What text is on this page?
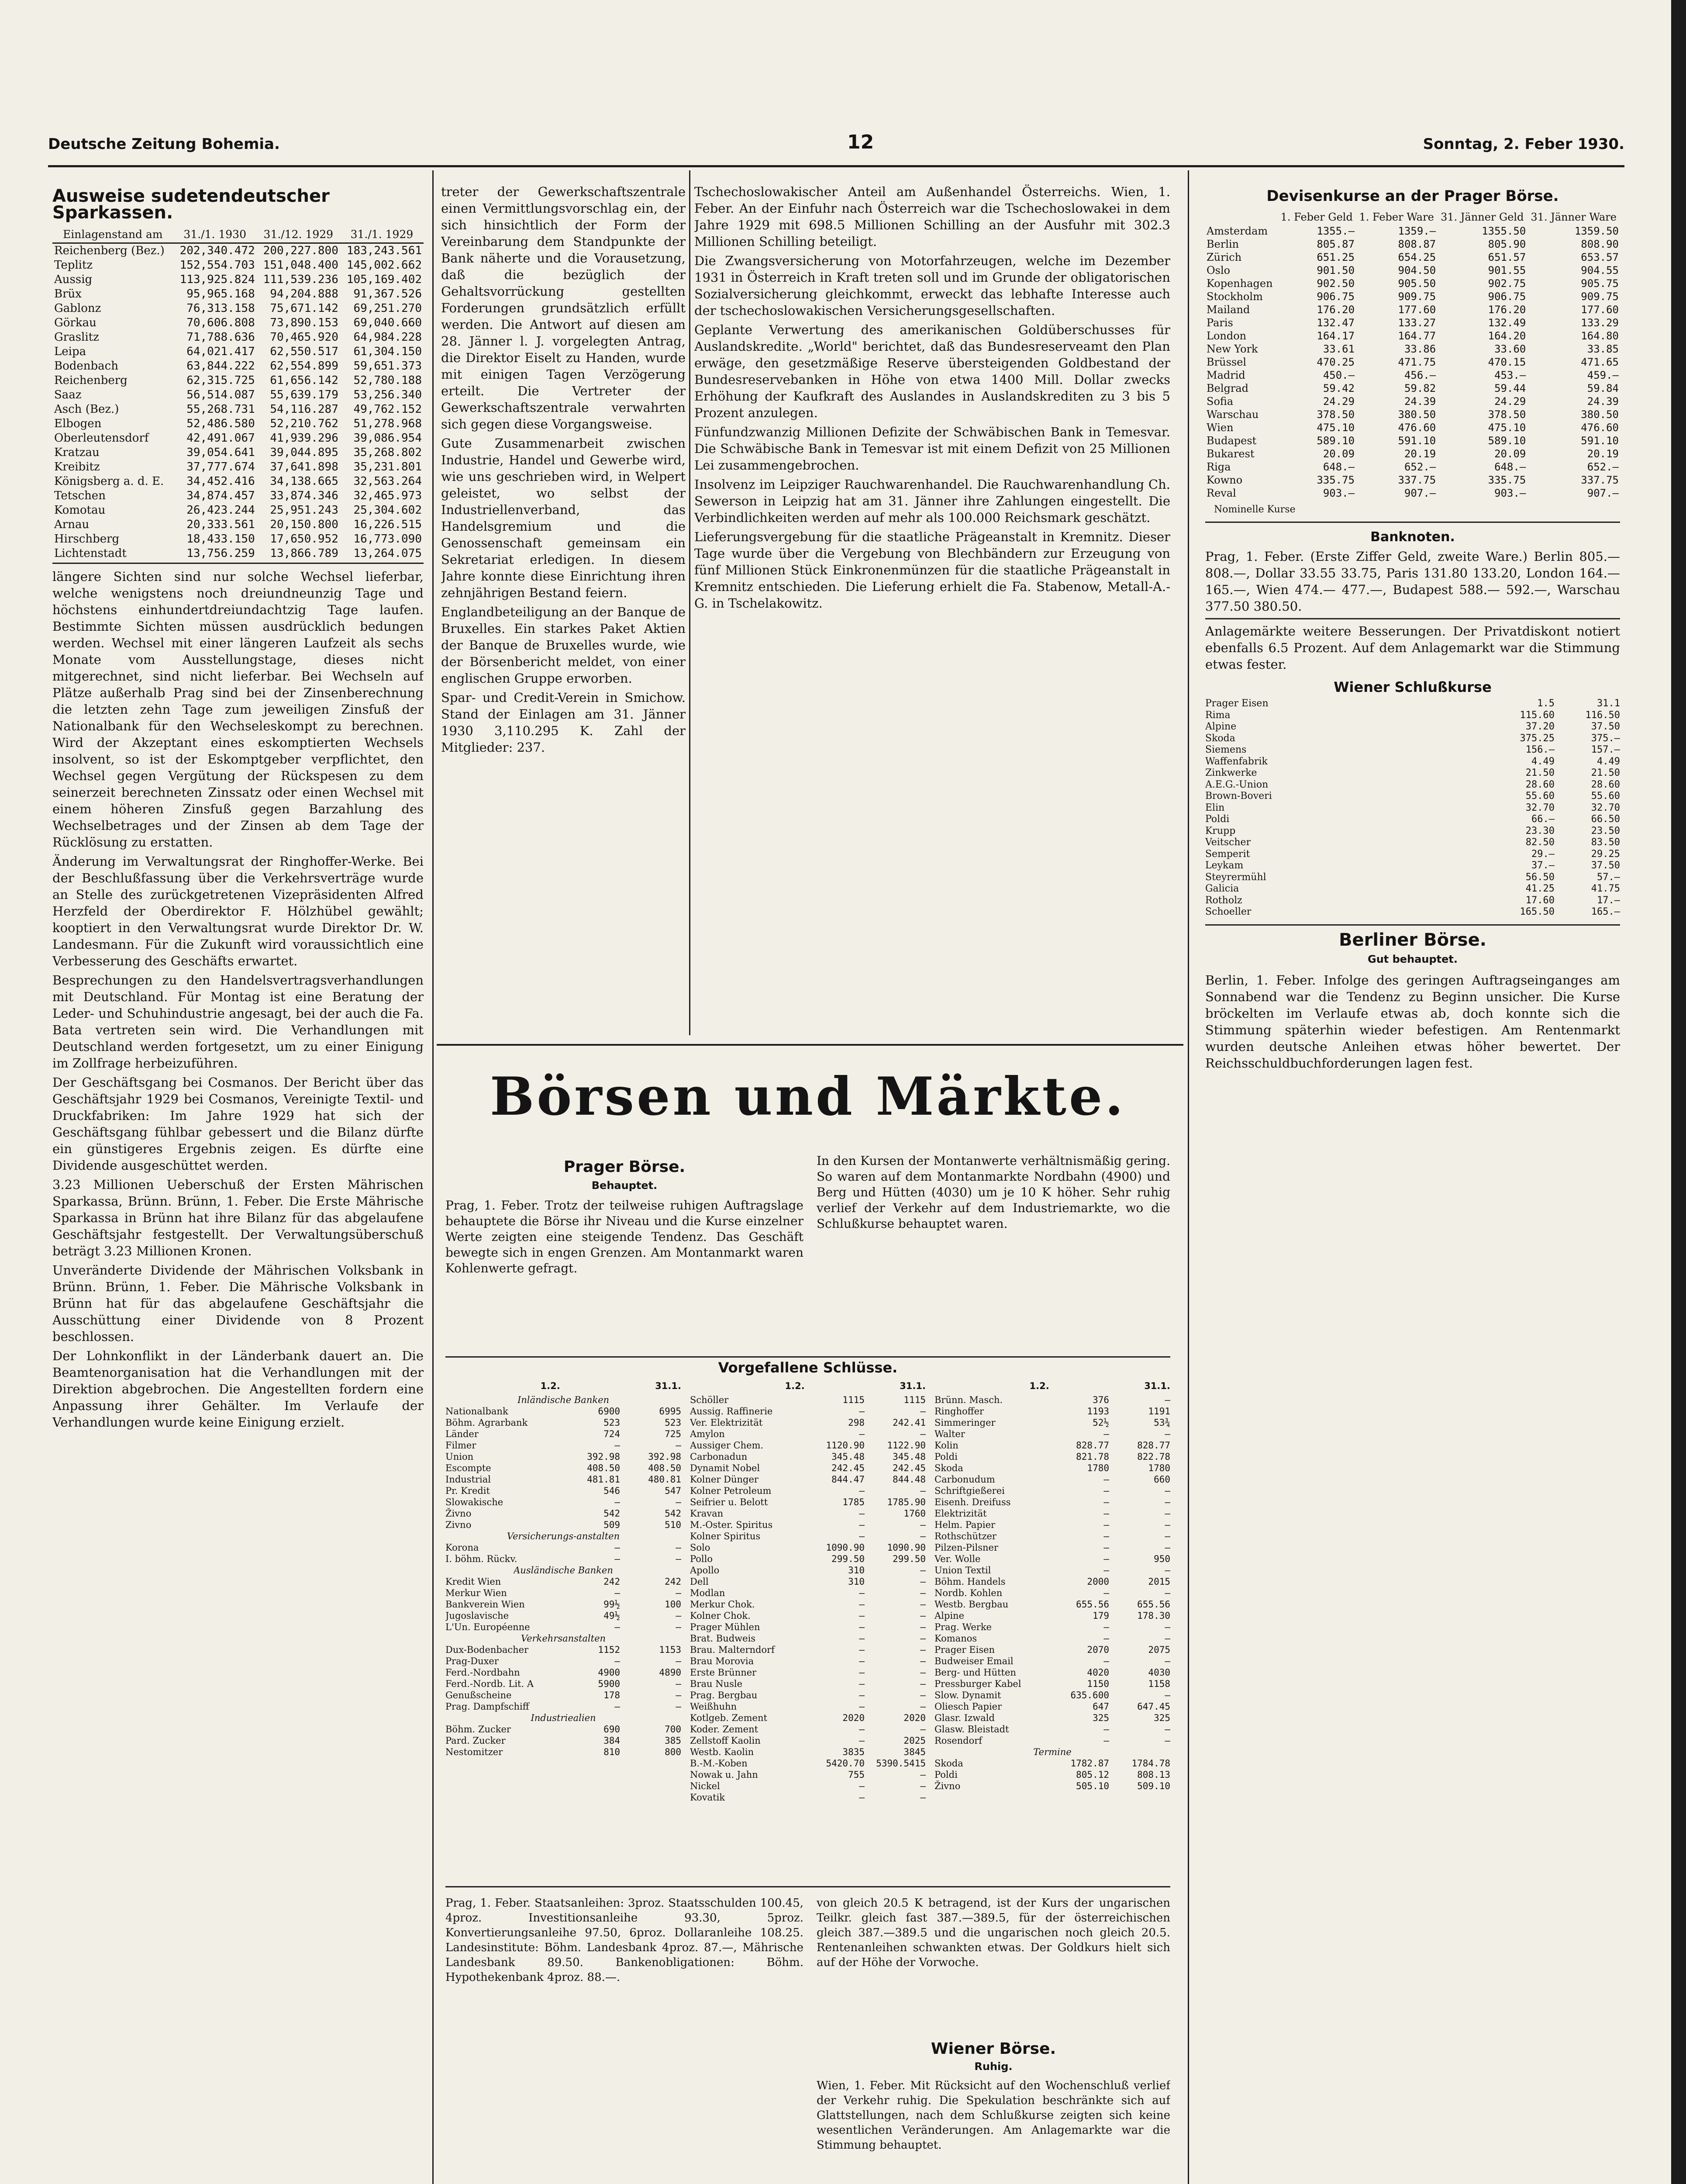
Deutsche Zeitung Bohemia.	12	Sonntag, 2. Feber 1930.
Ausweise sudetendeutscher Sparkassen.
Einlagenstand am	31./1. 1930	31./12. 1929	31./1. 1929
Reichenberg (Bez.)	202,340.472	200,227.800	183,243.561
Teplitz	152,554.703	151,048.400	145,002.662
Aussig	113,925.824	111,539.236	105,169.402
Brüx	95,965.168	94,204.888	91,367.526
Gablonz	76,313.158	75,671.142	69,251.270
Görkau	70,606.808	73,890.153	69,040.660
Graslitz	71,788.636	70,465.920	64,984.228
Leipa	64,021.417	62,550.517	61,304.150
Bodenbach	63,844.222	62,554.899	59,651.373
Reichenberg	62,315.725	61,656.142	52,780.188
Saaz	56,514.087	55,639.179	53,256.340
Asch (Bez.)	55,268.731	54,116.287	49,762.152
Elbogen	52,486.580	52,210.762	51,278.968
Oberleutensdorf	42,491.067	41,939.296	39,086.954
Kratzau	39,054.641	39,044.895	35,268.802
Kreibitz	37,777.674	37,641.898	35,231.801
Königsberg a. d. E.	34,452.416	34,138.665	32,563.264
Tetschen	34,874.457	33,874.346	32,465.973
Komotau	26,423.244	25,951.243	25,304.602
Arnau	20,333.561	20,150.800	16,226.515
Hirschberg	18,433.150	17,650.952	16,773.090
Lichtenstadt	13,756.259	13,866.789	13,264.075

längere Sichten sind nur solche Wechsel lieferbar, welche wenigstens noch dreiundneunzig Tage und höchstens einhundertdreiundachtzig Tage laufen. Bestimmte Sichten müssen ausdrücklich bedungen werden. Wechsel mit einer längeren Laufzeit als sechs Monate vom Ausstellungstage, dieses nicht mitgerechnet, sind nicht lieferbar. Bei Wechseln auf Plätze außerhalb Prag sind bei der Zinsenberechnung die letzten zehn Tage zum jeweiligen Zinsfuß der Nationalbank für den Wechseleskompt zu berechnen. Wird der Akzeptant eines eskomptierten Wechsels insolvent, so ist der Eskomptgeber verpflichtet, den Wechsel gegen Vergütung der Rückspesen zu dem seinerzeit berechneten Zinssatz oder einen Wechsel mit einem höheren Zinsfuß gegen Barzahlung des Wechselbetrages und der Zinsen ab dem Tage der Rücklösung zu erstatten.

Änderung im Verwaltungsrat der Ringhoffer-Werke. Bei der Beschlußfassung über die Verkehrsverträge wurde an Stelle des zurückgetretenen Vizepräsidenten Alfred Herzfeld der Oberdirektor F. Hölzhübel gewählt; kooptiert in den Verwaltungsrat wurde Direktor Dr. W. Landesmann. Für die Zukunft wird voraussichtlich eine Verbesserung des Geschäfts erwartet.

Besprechungen zu den Handelsvertragsverhandlungen mit Deutschland. Für Montag ist eine Beratung der Leder- und Schuhindustrie angesagt, bei der auch die Fa. Bata vertreten sein wird. Die Verhandlungen mit Deutschland werden fortgesetzt, um zu einer Einigung im Zollfrage herbeizuführen.

Der Geschäftsgang bei Cosmanos. Der Bericht über das Geschäftsjahr 1929 bei Cosmanos, Vereinigte Textil- und Druckfabriken: Im Jahre 1929 hat sich der Geschäftsgang fühlbar gebessert und die Bilanz dürfte ein günstigeres Ergebnis zeigen. Es dürfte eine Dividende ausgeschüttet werden.

3.23 Millionen Ueberschuß der Ersten Mährischen Sparkassa, Brünn. Brünn, 1. Feber. Die Erste Mährische Sparkassa in Brünn hat ihre Bilanz für das abgelaufene Geschäftsjahr festgestellt. Der Verwaltungsüberschuß beträgt 3.23 Millionen Kronen.

Unveränderte Dividende der Mährischen Volksbank in Brünn. Brünn, 1. Feber. Die Mährische Volksbank in Brünn hat für das abgelaufene Geschäftsjahr die Ausschüttung einer Dividende von 8 Prozent beschlossen.

Der Lohnkonflikt in der Länderbank dauert an. Die Beamtenorganisation hat die Verhandlungen mit der Direktion abgebrochen. Die Angestellten fordern eine Anpassung ihrer Gehälter. Im Verlaufe der Verhandlungen wurde keine Einigung erzielt.

treter der Gewerkschaftszentrale einen Vermittlungsvorschlag ein, der sich hinsichtlich der Form der Vereinbarung dem Standpunkte der Bank näherte und die Vorausetzung, daß die bezüglich der Gehaltsvorrückung gestellten Forderungen grundsätzlich erfüllt werden. Die Antwort auf diesen am 28. Jänner l. J. vorgelegten Antrag, die Direktor Eiselt zu Handen, wurde mit einigen Tagen Verzögerung erteilt. Die Vertreter der Gewerkschaftszentrale verwahrten sich gegen diese Vorgangsweise.

Gute Zusammenarbeit zwischen Industrie, Handel und Gewerbe wird, wie uns geschrieben wird, in Welpert geleistet, wo selbst der Industriellenverband, das Handelsgremium und die Genossenschaft gemeinsam ein Sekretariat erledigen. In diesem Jahre konnte diese Einrichtung ihren zehnjährigen Bestand feiern.

Englandbeteiligung an der Banque de Bruxelles. Ein starkes Paket Aktien der Banque de Bruxelles wurde, wie der Börsenbericht meldet, von einer englischen Gruppe erworben.

Spar- und Credit-Verein in Smichow. Stand der Einlagen am 31. Jänner 1930 3,110.295 K. Zahl der Mitglieder: 237.

Tschechoslowakischer Anteil am Außenhandel Österreichs. Wien, 1. Feber. An der Einfuhr nach Österreich war die Tschechoslowakei in dem Jahre 1929 mit 698.5 Millionen Schilling an der Ausfuhr mit 302.3 Millionen Schilling beteiligt.

Die Zwangsversicherung von Motorfahrzeugen, welche im Dezember 1931 in Österreich in Kraft treten soll und im Grunde der obligatorischen Sozialversicherung gleichkommt, erweckt das lebhafte Interesse auch der tschechoslowakischen Versicherungsgesellschaften.

Geplante Verwertung des amerikanischen Goldüberschusses für Auslandskredite. „World" berichtet, daß das Bundesreserveamt den Plan erwäge, den gesetzmäßige Reserve übersteigenden Goldbestand der Bundesreservebanken in Höhe von etwa 1400 Mill. Dollar zwecks Erhöhung der Kaufkraft des Auslandes in Auslandskrediten zu 3 bis 5 Prozent anzulegen.

Fünfundzwanzig Millionen Defizite der Schwäbischen Bank in Temesvar. Die Schwäbische Bank in Temesvar ist mit einem Defizit von 25 Millionen Lei zusammengebrochen.

Insolvenz im Leipziger Rauchwarenhandel. Die Rauchwarenhandlung Ch. Sewerson in Leipzig hat am 31. Jänner ihre Zahlungen eingestellt. Die Verbindlichkeiten werden auf mehr als 100.000 Reichsmark geschätzt.

Lieferungsvergebung für die staatliche Prägeanstalt in Kremnitz. Dieser Tage wurde über die Vergebung von Blechbändern zur Erzeugung von fünf Millionen Stück Einkronenmünzen für die staatliche Prägeanstalt in Kremnitz entschieden. Die Lieferung erhielt die Fa. Stabenow, Metall-A.-G. in Tschelakowitz.

Börsen und Märkte.
Prager Börse.
Behauptet.

Prag, 1. Feber. Trotz der teilweise ruhigen Auftragslage behauptete die Börse ihr Niveau und die Kurse einzelner Werte zeigten eine steigende Tendenz. Das Geschäft bewegte sich in engen Grenzen. Am Montanmarkt waren Kohlenwerte gefragt.

In den Kursen der Montanwerte verhältnismäßig gering. So waren auf dem Montanmarkte Nordbahn (4900) und Berg und Hütten (4030) um je 10 K höher. Sehr ruhig verlief der Verkehr auf dem Industriemarkte, wo die Schlußkurse behauptet waren.

Vorgefallene Schlüsse.
1.2.	31.1.
Inländische Banken
Nationalbank	6900	6995
Böhm. Agrarbank	523	523
Länder	724	725
Filmer	—	—
Union	392.98	392.98
Escompte	408.50	408.50
Industrial	481.81	480.81
Pr. Kredit	546	547
Slowakische	—	—
Živno	542	542
Zivno	509	510
Versicherungs-anstalten
Korona	—	—
I. böhm. Rückv.	—	—
Ausländische Banken
Kredit Wien	242	242
Merkur Wien	—	—
Bankverein Wien	99½	100
Jugoslavische	49½	—
L'Un. Européenne	—	—
Verkehrsanstalten
Dux-Bodenbacher	1152	1153
Prag-Duxer	—	—
Ferd.-Nordbahn	4900	4890
Ferd.-Nordb. Lit. A	5900	—
Genußscheine	178	—
Prag. Dampfschiff	—	—
Industriealien
Böhm. Zucker	690	700
Pard. Zucker	384	385
Nestomitzer	810	800
1.2.	31.1.
Schöller	1115	1115
Aussig. Raffinerie	—	—
Ver. Elektrizität	298	242.41
Amylon	—	—
Aussiger Chem.	1120.90	1122.90
Carbonadun	345.48	345.48
Dynamit Nobel	242.45	242.45
Kolner Dünger	844.47	844.48
Kolner Petroleum	—	—
Seifrier u. Belott	1785	1785.90
Kravan	—	1760
M.-Oster. Spiritus	—	—
Kolner Spiritus	—	—
Solo	1090.90	1090.90
Pollo	299.50	299.50
Apollo	310	—
Dell	310	—
Modlan	—	—
Merkur Chok.	—	—
Kolner Chok.	—	—
Prager Mühlen	—	—
Brat. Budweis	—	—
Brau. Malterndorf	—	—
Brau Morovia	—	—
Erste Brünner	—	—
Brau Nusle	—	—
Prag. Bergbau	—	—
Weißhuhn	—	—
Kotlgeb. Zement	2020	2020
Koder. Zement	—	—
Zellstoff Kaolin	—	2025
Westb. Kaolin	3835	3845
B.-M.-Koben	5420.70	5390.5415
Nowak u. Jahn	755	—
Nickel	—	—
Kovatik	—	—
1.2.	31.1.
Brünn. Masch.	376	—
Ringhoffer	1193	1191
Simmeringer	52½	53¾
Walter	—	—
Kolin	828.77	828.77
Poldi	821.78	822.78
Skoda	1780	1780
Carbonudum	—	660
Schriftgießerei	—	—
Eisenh. Dreifuss	—	—
Elektrizität	—	—
Helm. Papier	—	—
Rothschützer	—	—
Pilzen-Pilsner	—	—
Ver. Wolle	—	950
Union Textil	—	—
Böhm. Handels	2000	2015
Nordb. Kohlen	—	—
Westb. Bergbau	655.56	655.56
Alpine	179	178.30
Prag. Werke	—	—
Komanos	—	—
Prager Eisen	2070	2075
Budweiser Email	—	—
Berg- und Hütten	4020	4030
Pressburger Kabel	1150	1158
Slow. Dynamit	635.600	—
Oliesch Papier	647	647.45
Glasr. Izwald	325	325
Glasw. Bleistadt	—	—
Rosendorf	—	—
Termine
Skoda	1782.87	1784.78
Poldi	805.12	808.13
Živno	505.10	509.10

Prag, 1. Feber. Staatsanleihen: 3proz. Staatsschulden 100.45, 4proz. Investitionsanleihe 93.30, 5proz. Konvertierungsanleihe 97.50, 6proz. Dollaranleihe 108.25. Landesinstitute: Böhm. Landesbank 4proz. 87.—, Mährische Landesbank 89.50. Bankenobligationen: Böhm. Hypothekenbank 4proz. 88.—.

von gleich 20.5 K betragend, ist der Kurs der ungarischen Teilkr. gleich fast 387.—389.5, für der österreichischen gleich 387.—389.5 und die ungarischen noch gleich 20.5. Rentenanleihen schwankten etwas. Der Goldkurs hielt sich auf der Höhe der Vorwoche.

Wiener Börse.
Ruhig.

Wien, 1. Feber. Mit Rücksicht auf den Wochenschluß verlief der Verkehr ruhig. Die Spekulation beschränkte sich auf Glattstellungen, nach dem Schlußkurse zeigten sich keine wesentlichen Veränderungen. Am Anlagemarkte war die Stimmung behauptet.

Devisenkurse an der Prager Börse.
	1. Feber Geld	1. Feber Ware	31. Jänner Geld	31. Jänner Ware
Amsterdam	1355.—	1359.—	1355.50	1359.50
Berlin	805.87	808.87	805.90	808.90
Zürich	651.25	654.25	651.57	653.57
Oslo	901.50	904.50	901.55	904.55
Kopenhagen	902.50	905.50	902.75	905.75
Stockholm	906.75	909.75	906.75	909.75
Mailand	176.20	177.60	176.20	177.60
Paris	132.47	133.27	132.49	133.29
London	164.17	164.77	164.20	164.80
New York	33.61	33.86	33.60	33.85
Brüssel	470.25	471.75	470.15	471.65
Madrid	450.—	456.—	453.—	459.—
Belgrad	59.42	59.82	59.44	59.84
Sofia	24.29	24.39	24.29	24.39
Warschau	378.50	380.50	378.50	380.50
Wien	475.10	476.60	475.10	476.60
Budapest	589.10	591.10	589.10	591.10
Bukarest	20.09	20.19	20.09	20.19
Riga	648.—	652.—	648.—	652.—
Kowno	335.75	337.75	335.75	337.75
Reval	903.—	907.—	903.—	907.—
Nominelle Kurse
Banknoten.

Prag, 1. Feber. (Erste Ziffer Geld, zweite Ware.) Berlin 805.— 808.—, Dollar 33.55 33.75, Paris 131.80 133.20, London 164.— 165.—, Wien 474.— 477.—, Budapest 588.— 592.—, Warschau 377.50 380.50.

Anlagemärkte weitere Besserungen. Der Privatdiskont notiert ebenfalls 6.5 Prozent. Auf dem Anlagemarkt war die Stimmung etwas fester.

Wiener Schlußkurse
Prager Eisen	1.5	31.1
Rima	115.60	116.50
Alpine	37.20	37.50
Skoda	375.25	375.—
Siemens	156.—	157.—
Waffenfabrik	4.49	4.49
Zinkwerke	21.50	21.50
A.E.G.-Union	28.60	28.60
Brown-Boveri	55.60	55.60
Elin	32.70	32.70
Poldi	66.—	66.50
Krupp	23.30	23.50
Veitscher	82.50	83.50
Semperit	29.—	29.25
Leykam	37.—	37.50
Steyrermühl	56.50	57.—
Galicia	41.25	41.75
Rotholz	17.60	17.—
Schoeller	165.50	165.—
Berliner Börse.
Gut behauptet.

Berlin, 1. Feber. Infolge des geringen Auftragseinganges am Sonnabend war die Tendenz zu Beginn unsicher. Die Kurse bröckelten im Verlaufe etwas ab, doch konnte sich die Stimmung späterhin wieder befestigen. Am Rentenmarkt wurden deutsche Anleihen etwas höher bewertet. Der Reichsschuldbuchforderungen lagen fest.
